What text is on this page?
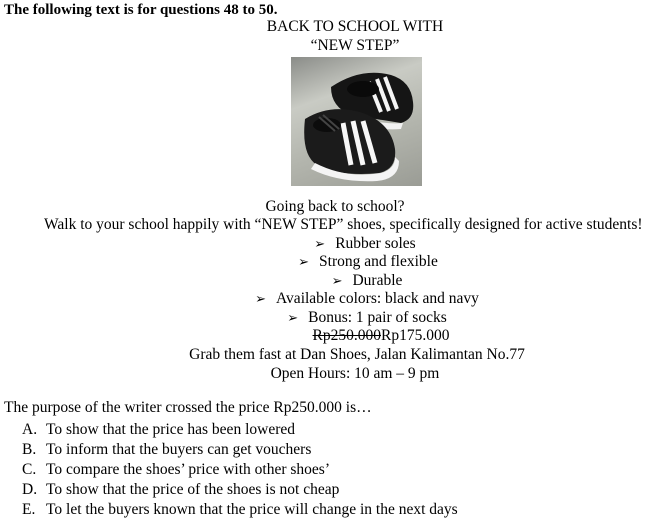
The following text is for questions 48 to 50.
BACK TO SCHOOL WITH
“NEW STEP”
Going back to school?
Walk to your school happily with “NEW STEP” shoes, specifically designed for active students!
➢ Rubber soles
➢ Strong and flexible
➢ Durable
➢ Available colors: black and navy
➢ Bonus: 1 pair of socks
Rp250.000Rp175.000
Grab them fast at Dan Shoes, Jalan Kalimantan No.77
Open Hours: 10 am – 9 pm
The purpose of the writer crossed the price Rp250.000 is…
A. To show that the price has been lowered
B. To inform that the buyers can get vouchers
C. To compare the shoes’ price with other shoes’
D. To show that the price of the shoes is not cheap
E. To let the buyers known that the price will change in the next days
